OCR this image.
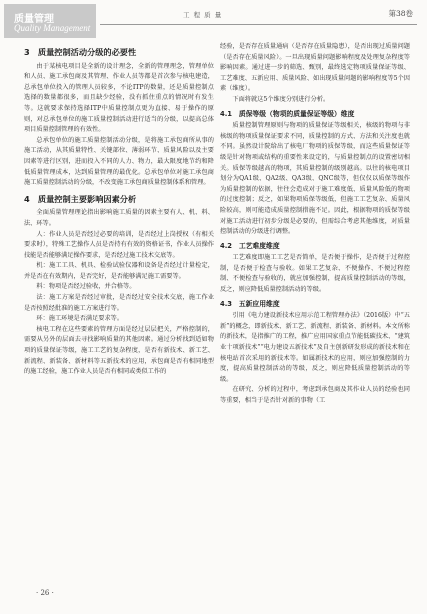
质量管理
Quality Management
工 程 质 量	第38卷
3　质量控制活动分级的必要性

由于某核电项目是全新的设计理念，全新的管理理念，管理单位和人员、施工承包商及其管理、作业人员等都是首次参与核电建造，总承包单位投入的管理人员较多，不论ITP的数量，还是质量控制点选择的数量都很多，而且缺少经验，没有抓住重点的情况时有发生等。这就要求保持选择ITP中质量控制点更为直接、易于操作的原则，对总承包单位的施工质量控制活动进行适当的分级，以提高总体项目质量控制管理的有效性。

总承包单位的施工质量控制活动分级，是将施工承包商所从事的施工活动，从其质量特性、关键部位、薄弱环节、质量风险以及主要因素等进行区别，进而投入不同的人力、物力，最大限度地节约和降低质量管理成本，达到质量管理的最优化。总承包单位对施工承包商施工质量控制活动的分级，不改变施工承包商质量控制体系和管理。

4　质量控制主要影响因素分析

全面质量管理理论指出影响施工质量的因素主要有人、机、料、法、环等。

人：作业人员是否经过必要的培训，是否经过上岗授权（有相关要求时），特殊工艺操作人员是否持有有效的资格证书，作业人员操作技能是否能够满足操作要求，是否经过施工技术交底等。

机：施工工具、机具、检验试验仪器和设备是否经过计量检定，并是否在有效期内，是否完好，是否能够满足施工需要等。

料：物项是否经过验收，并合格等。

法：施工方案是否经过审批，是否经过安全技术交底，施工作业是否按照经批准的施工方案进行等。

环：施工环境是否满足要求等。

核电工程在这些要素的管理方面是经过层层把关，严格控制的，需要从另外的层面去寻找影响质量的其他因素。通过分析找到适如物项的质量保证等级，施工工艺的复杂程度，是否有新技术、新工艺、新流程、新装备、新材料等五新技术的应用，承包商是否有相同地型的施工经验，施工作业人员是否有相同或类似工作的

经验，是否存在质量通病（是否存在质量隐患），是否出现过质量问题（是否存在质量风险）。一旦出现质量问题影响程度及处理复杂程度等影响因素。通过进一步的筛选、甄别，最终选定物项质量保证等级、工艺难度、五新应用、质量风险、如出现质量问题的影响程度等5个因素（维度）。

下面将就这5个维度分别进行分析。

4.1　质保等级（物项的质量保证等级）维度

质量控制管理原则与物项的质量保证等级相关，核级的物项与非核级的物项质量保证要求不同，质量控制的方式、方法和关注度也就不同。虽然设计院给出了核电厂物项的质保等级，而这些质量保证等级是针对物项或结构的重要性来设定的，与质量控制点的设置密切相关。质保等级越高的物项，其质量控制的级别越高。以往的核电项目划分为QA1级、QA2级、QA3级、QNC级等，但仅仅以质保等级作为质量控制的依据，往往会造成对于施工难度低、质量风险低的物项的过度控制；反之，如果物项质保等级低，但施工工艺复杂、质量风险较高，则可能造成质量控制措施不足。因此，根据物项的质保等级对施工活动进行初步分级是必要的，但需综合考虑其他维度，对质量控制活动的分级进行调整。

4.2　工艺难度维度

工艺难度即施工工艺是否简单，是否便于操作，是否便于过程控制，是否便于检查与验收。如果工艺复杂、不便操作、不便过程控制、不便检查与验收的，就应加强控制，提高质量控制活动的等级，反之，则应降低质量控制活动的等级。

4.3　五新应用维度

引用《电力建设新技术应用示范工程管理办法》（2016版）中“五新”的概念，即新技术、新工艺、新流程、新装备、新材料。本文所称的新技术，是指推广的工程，推广应用国家重点节能低碳技术、“建筑业十项新技术”“电力建设五新技术”及自主创新研发形成的新技术和在核电站首次采用的新技术等。如属新技术的应用，则应加强控制的力度，提高质量控制活动的等级，反之，则应降低质量控制活动的等级。

在研究、分析的过程中，考虑到承包商及其作业人员的经验也同等重要，相当于是否针对新的事物（工

· 26 ·
